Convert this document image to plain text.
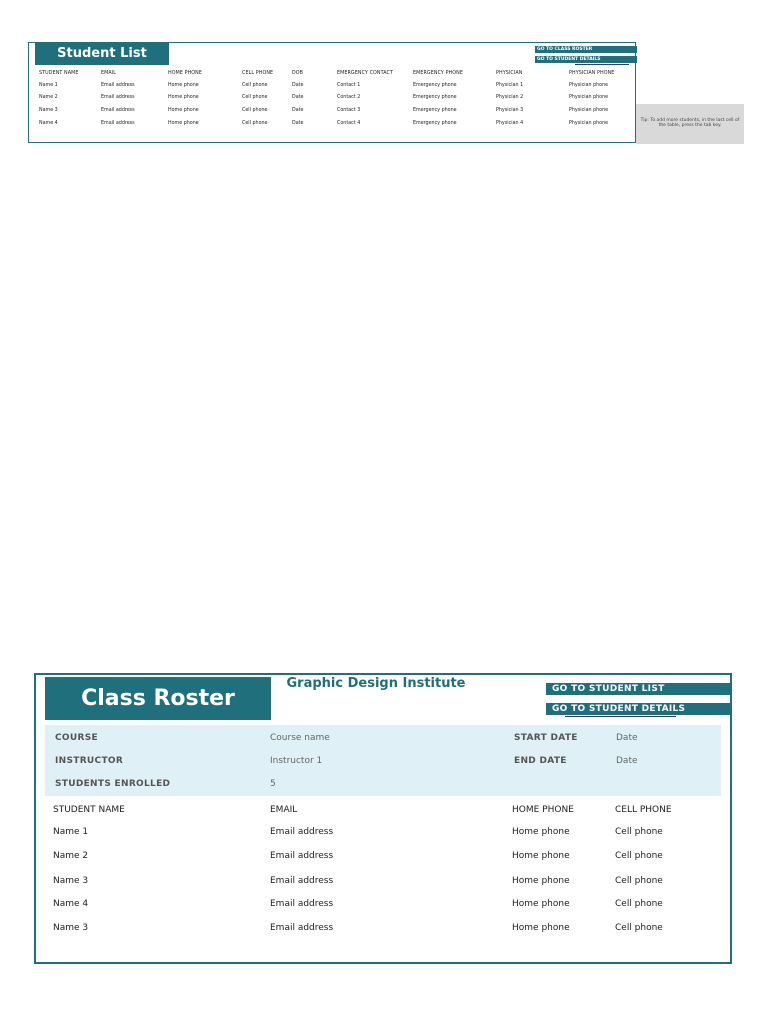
Student List	GO TO CLASS ROSTER
GO TO STUDENT DETAILS
STUDENT NAME	EMAIL	HOME PHONE	CELL PHONE	DOB	EMERGENCY CONTACT	EMERGENCY PHONE	PHYSICIAN	PHYSICIAN PHONE
Name 1	Email address	Home phone	Cell phone	Date	Contact 1	Emergency phone	Physician 1	Physician phone
Name 2	Email address	Home phone	Cell phone	Date	Contact 2	Emergency phone	Physician 2	Physician phone
Name 3	Email address	Home phone	Cell phone	Date	Contact 3	Emergency phone	Physician 3	Physician phone
Name 4	Email address	Home phone	Cell phone	Date	Contact 4	Emergency phone	Physician 4	Physician phone
Tip: To add more students, in the last cell of the table, press the tab key.
Class Roster
Graphic Design Institute	GO TO STUDENT LIST
GO TO STUDENT DETAILS
COURSE	Course name	START DATE	Date
INSTRUCTOR	Instructor 1	END DATE	Date
STUDENTS ENROLLED	5
STUDENT NAME	EMAIL	HOME PHONE	CELL PHONE
Name 1	Email address	Home phone	Cell phone
Name 2	Email address	Home phone	Cell phone
Name 3	Email address	Home phone	Cell phone
Name 4	Email address	Home phone	Cell phone
Name 3	Email address	Home phone	Cell phone
